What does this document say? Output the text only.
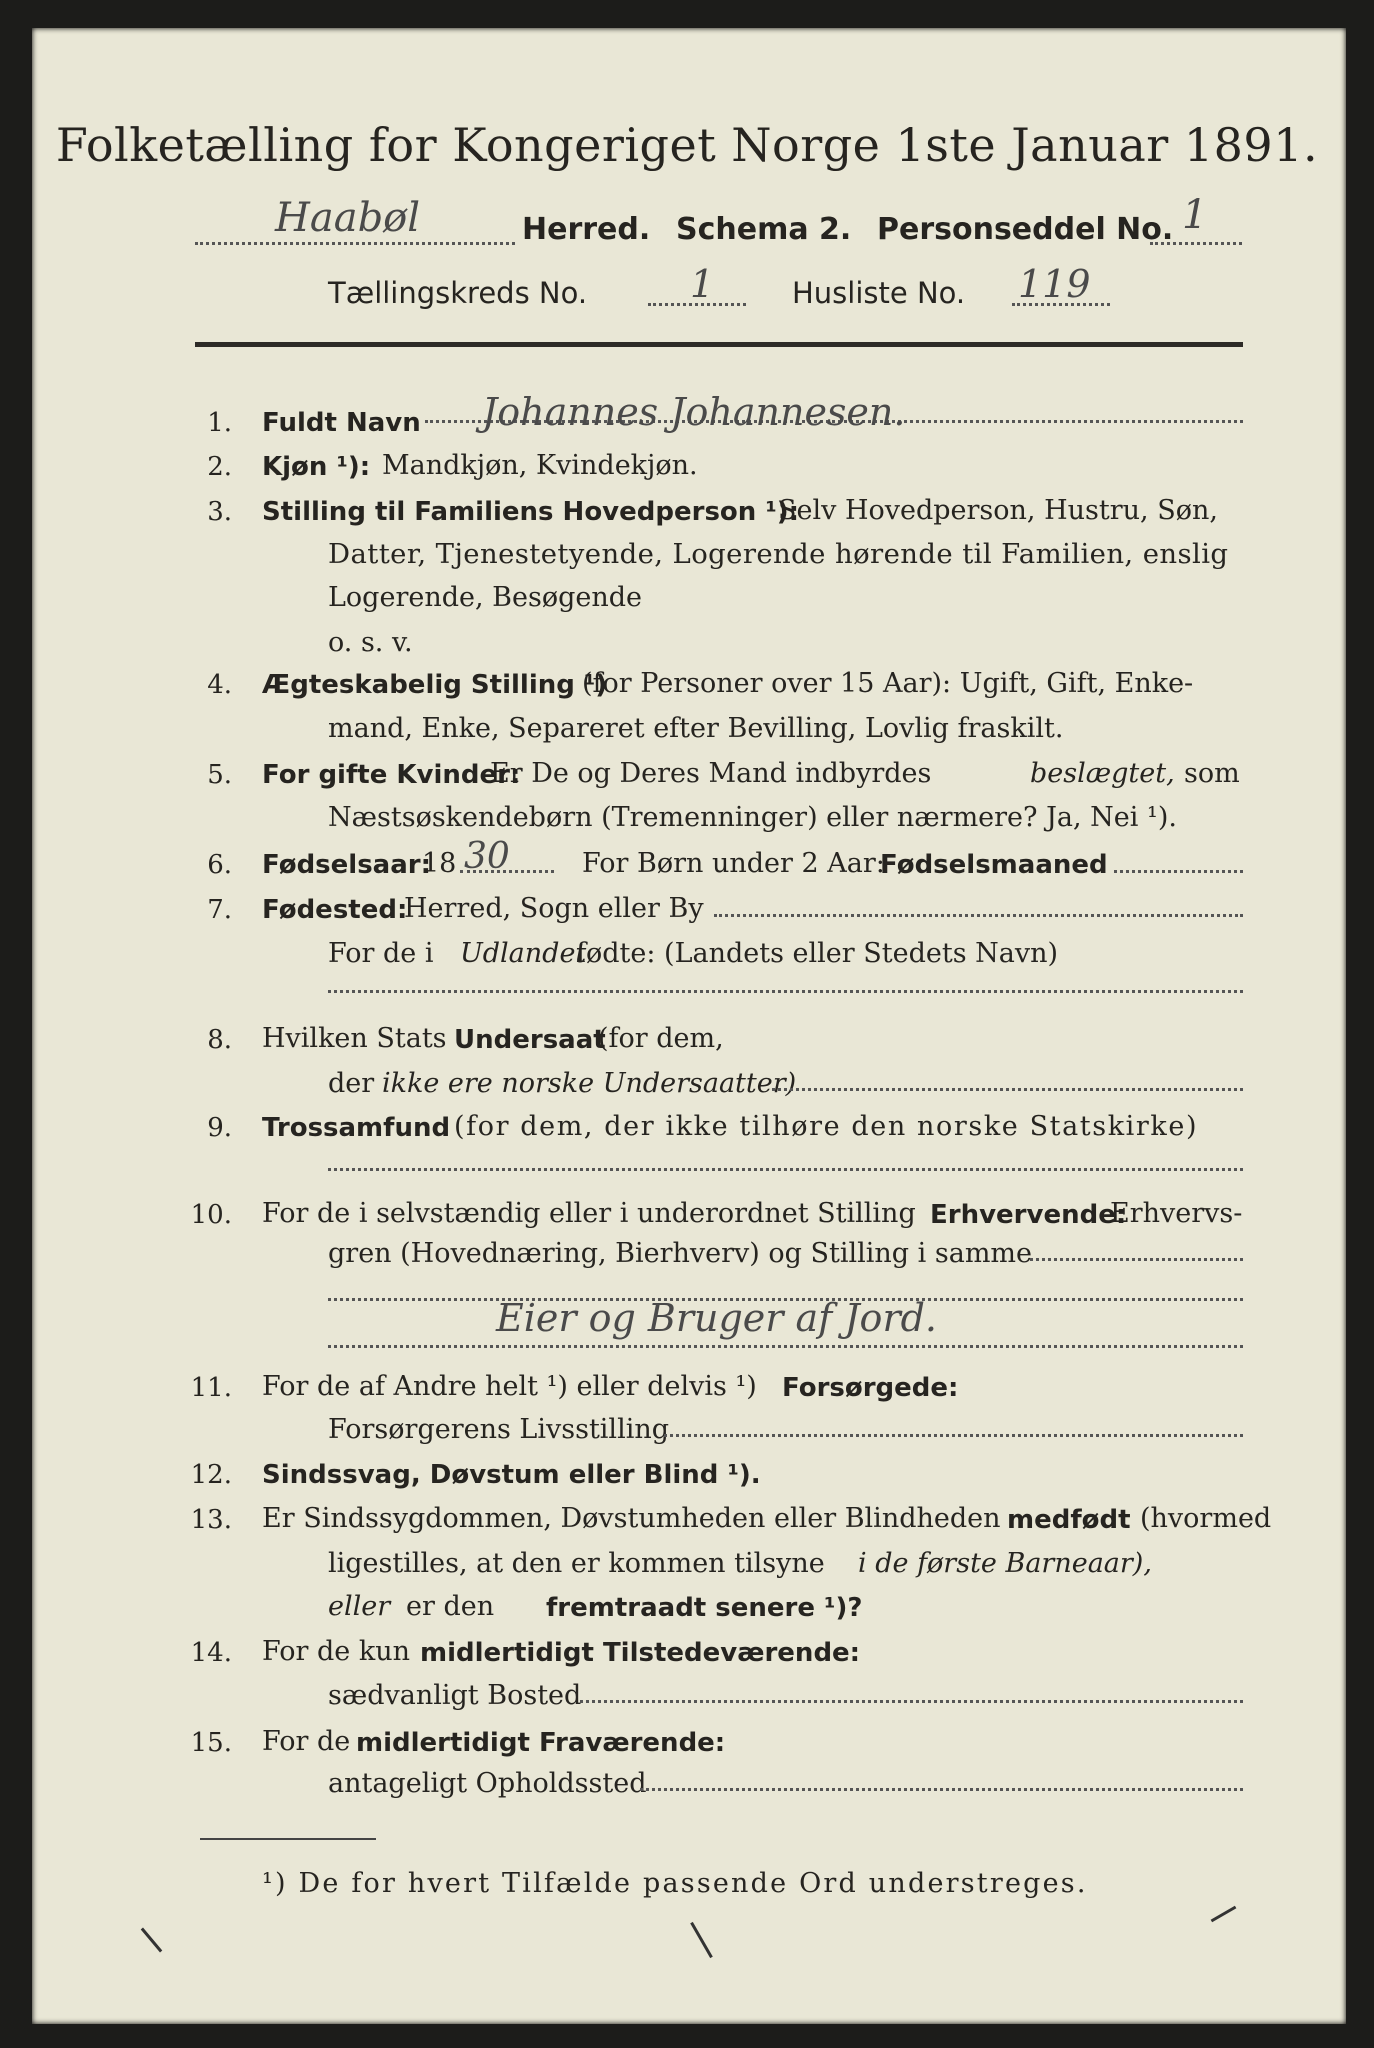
Folketælling for Kongeriget Norge 1ste Januar 1891.
Haabøl	Herred. Schema 2. Personseddel No. 1
Tællingskreds No.	1	Husliste No. 119
1. Fuldt Navn Johannes Johannesen.
2. Kjøn ¹): Mandkjøn, Kvindekjøn.
3. Stilling til Familiens Hovedperson ¹):
Selv Hovedperson, Hustru, Søn,
Datter, Tjenestetyende, Logerende hørende til Familien, enslig
Logerende, Besøgende
o. s. v.
4. Ægteskabelig Stilling ¹)
(for Personer over 15 Aar): Ugift, Gift, Enke-
mand, Enke, Separeret efter Bevilling, Lovlig fraskilt.
5. For gifte Kvinder:
Er De og Deres Mand indbyrdes	beslægtet, som
Næstsøskendebørn (Tremenninger) eller nærmere? Ja, Nei ¹).
6. Fødselsaar:
18 30	For Børn under 2 Aar:
Fødselsmaaned
7. Fødested:
Herred, Sogn eller By
For de i Udlandet
fødte: (Landets eller Stedets Navn)
8. Hvilken Stats Undersaat
(for dem,
der ikke ere norske Undersaatter)
9. Trossamfund (for dem, der ikke tilhøre den norske Statskirke)
10. For de i selvstændig eller i underordnet Stilling Erhvervende:
Erhvervs-
gren (Hovednæring, Bierhverv) og Stilling i samme
Eier og Bruger af Jord.
11. For de af Andre helt ¹) eller delvis ¹) Forsørgede:
Forsørgerens Livsstilling
12. Sindssvag, Døvstum eller Blind ¹).
13. Er Sindssygdommen, Døvstumheden eller Blindheden medfødt (hvormed
ligestilles, at den er kommen tilsyne i de første Barneaar),
eller er den fremtraadt senere ¹)?
14. For de kun midlertidigt Tilstedeværende:
sædvanligt Bosted
15. For de midlertidigt Fraværende:
antageligt Opholdssted
¹) De for hvert Tilfælde passende Ord understreges.
